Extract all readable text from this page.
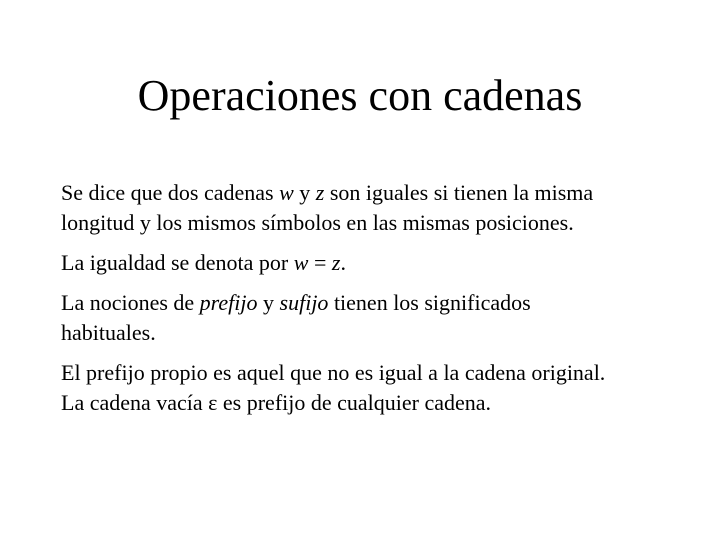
Operaciones con cadenas

Se dice que dos cadenas w y z son iguales si tienen la misma
longitud y los mismos símbolos en las mismas posiciones.

La igualdad se denota por w = z.

La nociones de prefijo y sufijo tienen los significados
habituales.

El prefijo propio es aquel que no es igual a la cadena original.
La cadena vacía ε es prefijo de cualquier cadena.
